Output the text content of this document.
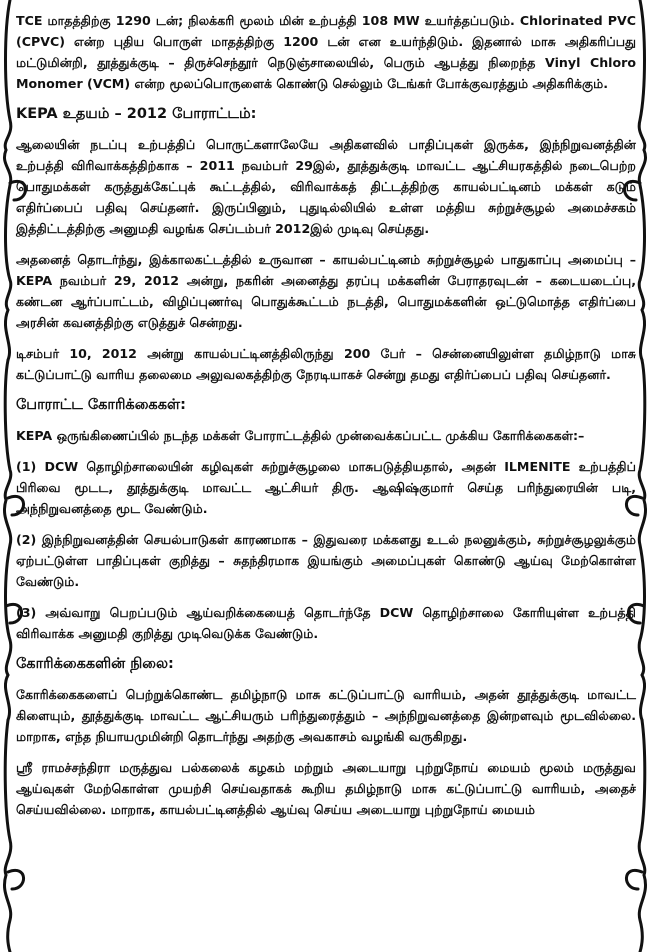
TCE மாதத்திற்கு 1290 டன்; நிலக்கரி மூலம் மின் உற்பத்தி 108 MW உயர்த்தப்படும். Chlorinated PVC (CPVC) என்ற புதிய பொருள் மாதத்திற்கு 1200 டன் என உயர்ந்திடும். இதனால் மாசு அதிகரிப்பது மட்டுமின்றி, தூத்துக்குடி – திருச்செந்தூர் நெடுஞ்சாலையில், பெரும் ஆபத்து நிறைந்த Vinyl Chloro Monomer (VCM) என்ற மூலப்பொருளைக் கொண்டு செல்லும் டேங்கர் போக்குவரத்தும் அதிகரிக்கும்.

KEPA உதயம் – 2012 போராட்டம்:

ஆலையின் நடப்பு உற்பத்திப் பொருட்களாலேயே அதிகளவில் பாதிப்புகள் இருக்க, இந்நிறுவனத்தின் உற்பத்தி விரிவாக்கத்திற்காக – 2011 நவம்பர் 29இல், தூத்துக்குடி மாவட்ட ஆட்சியரகத்தில் நடைபெற்ற பொதுமக்கள் கருத்துக்கேட்புக் கூட்டத்தில், விரிவாக்கத் திட்டத்திற்கு காயல்பட்டினம் மக்கள் கடும் எதிர்ப்பைப் பதிவு செய்தனர். இருப்பினும், புதுடில்லியில் உள்ள மத்திய சுற்றுச்சூழல் அமைச்சகம் இத்திட்டத்திற்கு அனுமதி வழங்க செப்டம்பர் 2012இல் முடிவு செய்தது.

அதனைத் தொடர்ந்து, இக்காலகட்டத்தில் உருவான – காயல்பட்டினம் சுற்றுச்சூழல் பாதுகாப்பு அமைப்பு – KEPA நவம்பர் 29, 2012 அன்று, நகரின் அனைத்து தரப்பு மக்களின் பேராதரவுடன் – கடையடைப்பு, கண்டன ஆர்ப்பாட்டம், விழிப்புணர்வு பொதுக்கூட்டம் நடத்தி, பொதுமக்களின் ஒட்டுமொத்த எதிர்ப்பை அரசின் கவனத்திற்கு எடுத்துச் சென்றது.

டிசம்பர் 10, 2012 அன்று காயல்பட்டினத்திலிருந்து 200 பேர் – சென்னையிலுள்ள தமிழ்நாடு மாசு கட்டுப்பாட்டு வாரிய தலைமை அலுவலகத்திற்கு நேரடியாகச் சென்று தமது எதிர்ப்பைப் பதிவு செய்தனர்.

போராட்ட கோரிக்கைகள்:

KEPA ஒருங்கிணைப்பில் நடந்த மக்கள் போராட்டத்தில் முன்வைக்கப்பட்ட முக்கிய கோரிக்கைகள்:–

(1) DCW தொழிற்சாலையின் கழிவுகள் சுற்றுச்சூழலை மாசுபடுத்தியதால், அதன் ILMENITE உற்பத்திப் பிரிவை மூடட, தூத்துக்குடி மாவட்ட ஆட்சியர் திரு. ஆஷிஷ்குமார் செய்த பரிந்துரையின் படி, அந்நிறுவனத்தை மூட வேண்டும்.

(2) இந்நிறுவனத்தின் செயல்பாடுகள் காரணமாக – இதுவரை மக்களது உடல் நலனுக்கும், சுற்றுச்சூழலுக்கும் ஏற்பட்டுள்ள பாதிப்புகள் குறித்து – சுதந்திரமாக இயங்கும் அமைப்புகள் கொண்டு ஆய்வு மேற்கொள்ள வேண்டும்.

(3) அவ்வாறு பெறப்படும் ஆய்வறிக்கையைத் தொடர்ந்தே DCW தொழிற்சாலை கோரியுள்ள உற்பத்தி விரிவாக்க அனுமதி குறித்து முடிவெடுக்க வேண்டும்.

கோரிக்கைகளின் நிலை:

கோரிக்கைகளைப் பெற்றுக்கொண்ட தமிழ்நாடு மாசு கட்டுப்பாட்டு வாரியம், அதன் தூத்துக்குடி மாவட்ட கிளையும், தூத்துக்குடி மாவட்ட ஆட்சியரும் பரிந்துரைத்தும் – அந்நிறுவனத்தை இன்றளவும் மூடவில்லை. மாறாக, எந்த நியாயமுமின்றி தொடர்ந்து அதற்கு அவகாசம் வழங்கி வருகிறது.

ஸ்ரீ ராமச்சந்திரா மருத்துவ பல்கலைக் கழகம் மற்றும் அடையாறு புற்றுநோய் மையம் மூலம் மருத்துவ ஆய்வுகள் மேற்கொள்ள முயற்சி செய்வதாகக் கூறிய தமிழ்நாடு மாசு கட்டுப்பாட்டு வாரியம், அதைச் செய்யவில்லை. மாறாக, காயல்பட்டினத்தில் ஆய்வு செய்ய அடையாறு புற்றுநோய் மையம்
